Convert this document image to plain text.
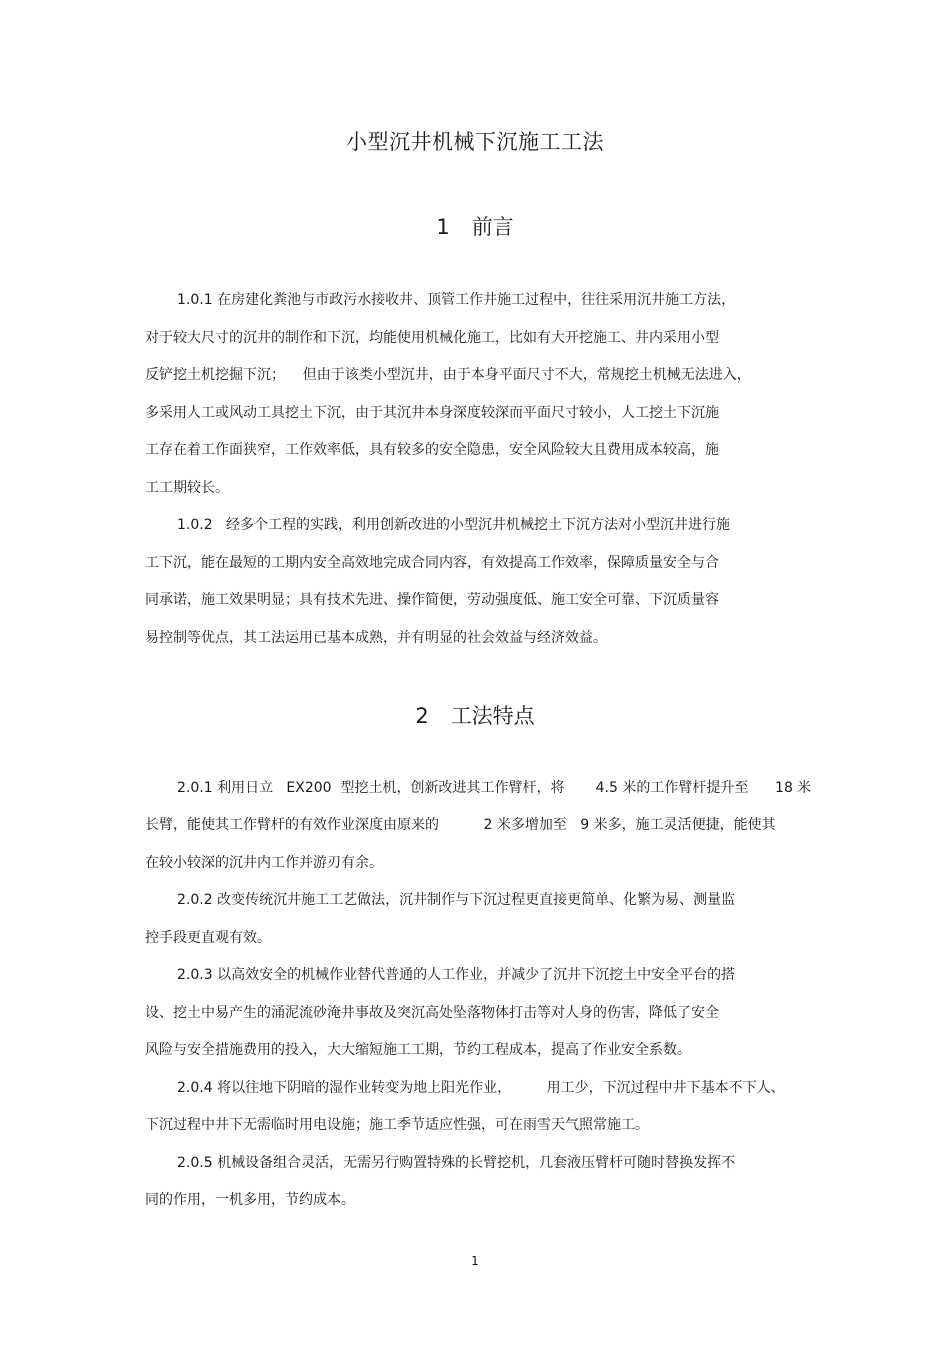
小型沉井机械下沉施工工法
1 前言

1.0.1 在房建化粪池与市政污水接收井、顶管工作井施工过程中，往往采用沉井施工方法，

对于较大尺寸的沉井的制作和下沉，均能使用机械化施工，比如有大开挖施工、井内采用小型

反铲挖土机挖掘下沉；    但由于该类小型沉井，由于本身平面尺寸不大，常规挖土机械无法进入，

多采用人工或风动工具挖土下沉，由于其沉井本身深度较深而平面尺寸较小，人工挖土下沉施

工存在着工作面狭窄，工作效率低，具有较多的安全隐患，安全风险较大且费用成本较高，施

工工期较长。

1.0.2   经多个工程的实践，利用创新改进的小型沉井机械挖土下沉方法对小型沉井进行施

工下沉，能在最短的工期内安全高效地完成合同内容，有效提高工作效率，保障质量安全与合

同承诺，施工效果明显；具有技术先进、操作简便，劳动强度低、施工安全可靠、下沉质量容

易控制等优点，其工法运用已基本成熟，并有明显的社会效益与经济效益。

2 工法特点

2.0.1 利用日立   EX200  型挖土机，创新改进其工作臂杆，将       4.5 米的工作臂杆提升至      18 米

长臂，能使其工作臂杆的有效作业深度由原来的          2 米多增加至   9 米多，施工灵活便捷，能使其

在较小较深的沉井内工作并游刃有余。

2.0.2 改变传统沉井施工工艺做法，沉井制作与下沉过程更直接更简单、化繁为易、测量监

控手段更直观有效。

2.0.3 以高效安全的机械作业替代普通的人工作业，并减少了沉井下沉挖土中安全平台的搭

设、挖土中易产生的涌泥流砂淹井事故及突沉高处坠落物体打击等对人身的伤害，降低了安全

风险与安全措施费用的投入，大大缩短施工工期，节约工程成本，提高了作业安全系数。

2.0.4 将以往地下阴暗的湿作业转变为地上阳光作业，        用工少，下沉过程中井下基本不下人、

下沉过程中井下无需临时用电设施；施工季节适应性强，可在雨雪天气照常施工。

2.0.5 机械设备组合灵活，无需另行购置特殊的长臂挖机，几套液压臂杆可随时替换发挥不

同的作用，一机多用，节约成本。

1
